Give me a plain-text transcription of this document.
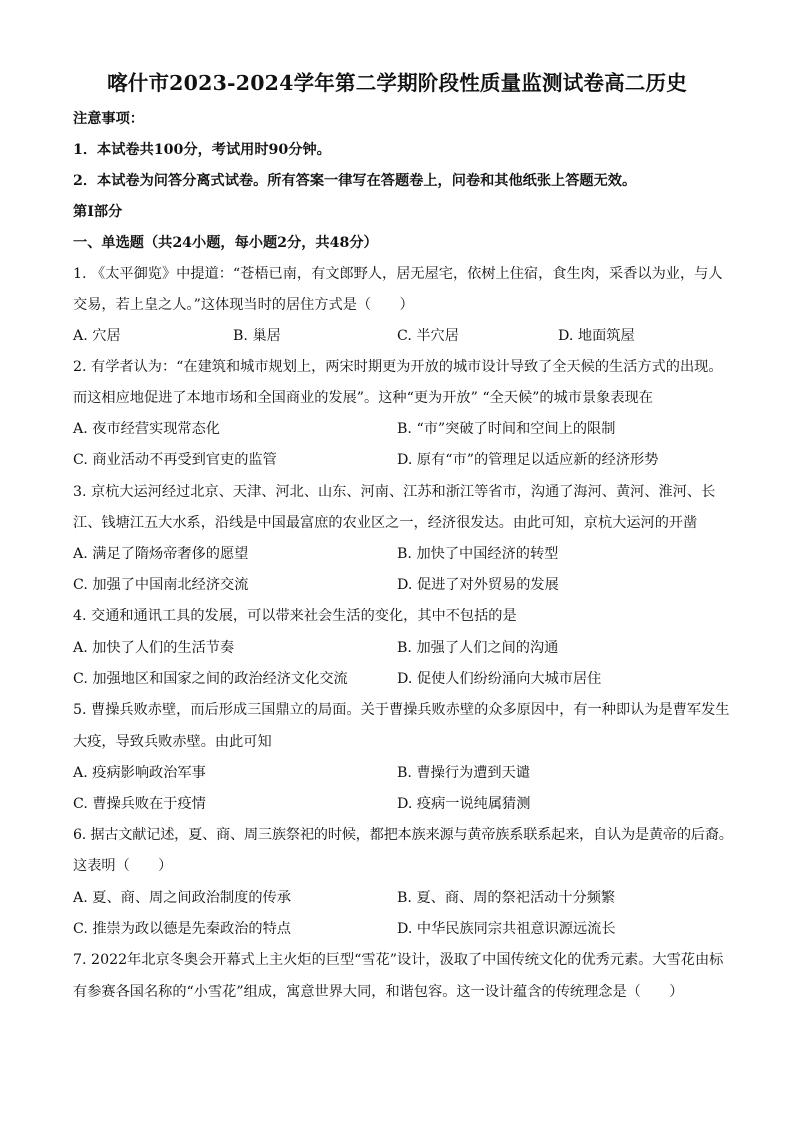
喀什市2023-2024学年第二学期阶段性质量监测试卷高二历史
注意事项：
1．本试卷共100分，考试用时90分钟。
2．本试卷为问答分离式试卷。所有答案一律写在答题卷上，问卷和其他纸张上答题无效。
第I部分
一、单选题（共24小题，每小题2分，共48分）
1. 《太平御览》中提道：“苍梧已南，有文郎野人，居无屋宅，依树上住宿，食生肉，采香以为业，与人
交易，若上皇之人。”这体现当时的居住方式是（　　）
A. 穴居	B. 巢居	C. 半穴居	D. 地面筑屋
2. 有学者认为：“在建筑和城市规划上，两宋时期更为开放的城市设计导致了全天候的生活方式的出现。
而这相应地促进了本地市场和全国商业的发展”。这种“更为开放” “全天候”的城市景象表现在
A. 夜市经营实现常态化	B. “市”突破了时间和空间上的限制
C. 商业活动不再受到官吏的监管	D. 原有“市”的管理足以适应新的经济形势
3. 京杭大运河经过北京、天津、河北、山东、河南、江苏和浙江等省市，沟通了海河、黄河、淮河、长
江、钱塘江五大水系，沿线是中国最富庶的农业区之一，经济很发达。由此可知，京杭大运河的开凿
A. 满足了隋炀帝奢侈的愿望	B. 加快了中国经济的转型
C. 加强了中国南北经济交流	D. 促进了对外贸易的发展
4. 交通和通讯工具的发展，可以带来社会生活的变化，其中不包括的是
A. 加快了人们的生活节奏	B. 加强了人们之间的沟通
C. 加强地区和国家之间的政治经济文化交流	D. 促使人们纷纷涌向大城市居住
5. 曹操兵败赤壁，而后形成三国鼎立的局面。关于曹操兵败赤壁的众多原因中，有一种即认为是曹军发生
大疫，导致兵败赤壁。由此可知
A. 疫病影响政治军事	B. 曹操行为遭到天谴
C. 曹操兵败在于疫情	D. 疫病一说纯属猜测
6. 据古文献记述，夏、商、周三族祭祀的时候，都把本族来源与黄帝族系联系起来，自认为是黄帝的后裔。
这表明（　　）
A. 夏、商、周之间政治制度的传承	B. 夏、商、周的祭祀活动十分频繁
C. 推崇为政以德是先秦政治的特点	D. 中华民族同宗共祖意识源远流长
7. 2022年北京冬奥会开幕式上主火炬的巨型“雪花”设计，汲取了中国传统文化的优秀元素。大雪花由标
有参赛各国名称的“小雪花”组成，寓意世界大同，和谐包容。这一设计蕴含的传统理念是（　　）
